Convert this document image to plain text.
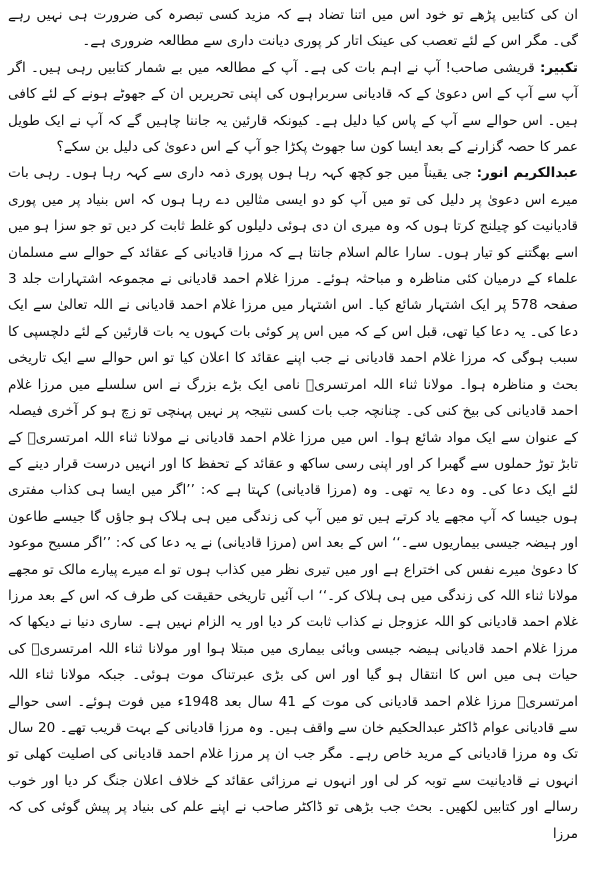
ان کی کتابیں پڑھے تو خود اس میں اتنا تضاد ہے کہ مزید کسی تبصرہ کی ضرورت ہی نہیں رہے گی۔ مگر اس کے لئے تعصب کی عینک اتار کر پوری دیانت داری سے مطالعہ ضروری ہے۔

تکبیر: قریشی صاحب! آپ نے اہم بات کی ہے۔ آپ کے مطالعہ میں بے شمار کتابیں رہی ہیں۔ اگر آپ سے آپ کے اس دعویٰ کے کہ قادیانی سربراہوں کی اپنی تحریریں ان کے جھوٹے ہونے کے لئے کافی ہیں۔ اس حوالے سے آپ کے پاس کیا دلیل ہے۔ کیونکہ قارئین یہ جاننا چاہیں گے کہ آپ نے ایک طویل عمر کا حصہ گزارنے کے بعد ایسا کون سا جھوٹ پکڑا جو آپ کے اس دعویٰ کی دلیل بن سکے؟

عبدالکریم انور: جی یقیناً میں جو کچھ کہہ رہا ہوں پوری ذمہ داری سے کہہ رہا ہوں۔ رہی بات میرے اس دعویٰ پر دلیل کی تو میں آپ کو دو ایسی مثالیں دے رہا ہوں کہ اس بنیاد پر میں پوری قادیانیت کو چیلنج کرتا ہوں کہ وہ میری ان دی ہوئی دلیلوں کو غلط ثابت کر دیں تو جو سزا ہو میں اسے بھگتنے کو تیار ہوں۔ سارا عالم اسلام جانتا ہے کہ مرزا قادیانی کے عقائد کے حوالے سے مسلمان علماء کے درمیان کئی مناظرہ و مباحثہ ہوئے۔ مرزا غلام احمد قادیانی نے مجموعہ اشتہارات جلد 3 صفحہ 578 پر ایک اشتہار شائع کیا۔ اس اشتہار میں مرزا غلام احمد قادیانی نے اللہ تعالیٰ سے ایک دعا کی۔ یہ دعا کیا تھی، قبل اس کے کہ میں اس پر کوئی بات کہوں یہ بات قارئین کے لئے دلچسپی کا سبب ہوگی کہ مرزا غلام احمد قادیانی نے جب اپنے عقائد کا اعلان کیا تو اس حوالے سے ایک تاریخی بحث و مناظرہ ہوا۔ مولانا ثناء اللہ امرتسریؒ نامی ایک بڑے بزرگ نے اس سلسلے میں مرزا غلام احمد قادیانی کی بیخ کنی کی۔ چنانچہ جب بات کسی نتیجہ پر نہیں پہنچی تو زچ ہو کر آخری فیصلہ کے عنوان سے ایک مواد شائع ہوا۔ اس میں مرزا غلام احمد قادیانی نے مولانا ثناء اللہ امرتسریؒ کے تابڑ توڑ حملوں سے گھبرا کر اور اپنی رسی ساکھ و عقائد کے تحفظ کا اور انہیں درست قرار دینے کے لئے ایک دعا کی۔ وہ دعا یہ تھی۔ وہ (مرزا قادیانی) کہتا ہے کہ: ’’اگر میں ایسا ہی کذاب مفتری ہوں جیسا کہ آپ مجھے یاد کرتے ہیں تو میں آپ کی زندگی میں ہی ہلاک ہو جاؤں گا جیسے طاعون اور ہیضہ جیسی بیماریوں سے۔‘‘ اس کے بعد اس (مرزا قادیانی) نے یہ دعا کی کہ: ’’اگر مسیح موعود کا دعویٰ میرے نفس کی اختراع ہے اور میں تیری نظر میں کذاب ہوں تو اے میرے پیارے مالک تو مجھے مولانا ثناء اللہ کی زندگی میں ہی ہلاک کر۔‘‘ اب آئیں تاریخی حقیقت کی طرف کہ اس کے بعد مرزا غلام احمد قادیانی کو اللہ عزوجل نے کذاب ثابت کر دیا اور یہ الزام نہیں ہے۔ ساری دنیا نے دیکھا کہ مرزا غلام احمد قادیانی ہیضہ جیسی وبائی بیماری میں مبتلا ہوا اور مولانا ثناء اللہ امرتسریؒ کی حیات ہی میں اس کا انتقال ہو گیا اور اس کی بڑی عبرتناک موت ہوئی۔ جبکہ مولانا ثناء اللہ امرتسریؒ مرزا غلام احمد قادیانی کی موت کے 41 سال بعد 1948ء میں فوت ہوئے۔ اسی حوالے سے قادیانی عوام ڈاکٹر عبدالحکیم خان سے واقف ہیں۔ وہ مرزا قادیانی کے بہت قریب تھے۔ 20 سال تک وہ مرزا قادیانی کے مرید خاص رہے۔ مگر جب ان پر مرزا غلام احمد قادیانی کی اصلیت کھلی تو انہوں نے قادیانیت سے توبہ کر لی اور انہوں نے مرزائی عقائد کے خلاف اعلان جنگ کر دیا اور خوب رسالے اور کتابیں لکھیں۔ بحث جب بڑھی تو ڈاکٹر صاحب نے اپنے علم کی بنیاد پر پیش گوئی کی کہ مرزا
